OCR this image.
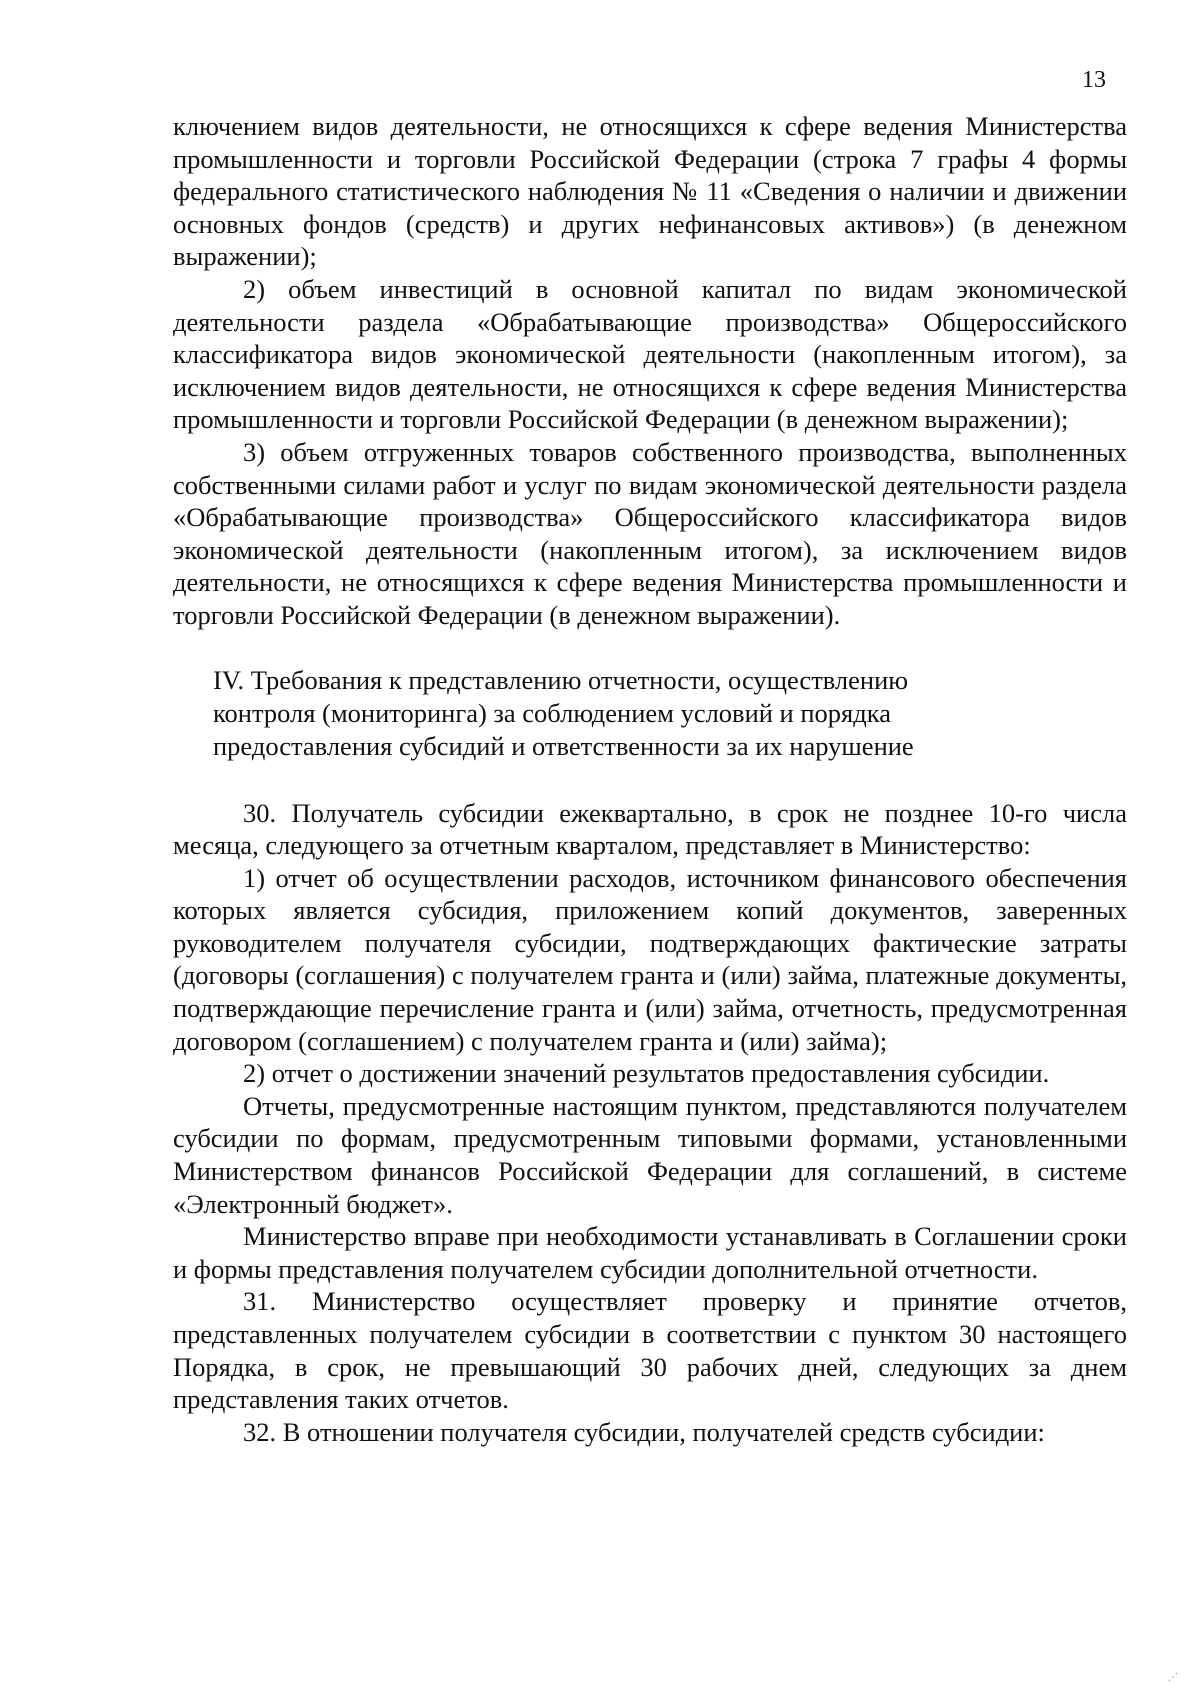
13

ключением видов деятельности, не относящихся к сфере ведения Министерства промышленности и торговли Российской Федерации (строка 7 графы 4 формы федерального статистического наблюдения № 11 «Сведения о наличии и движении основных фондов (средств) и других нефинансовых активов») (в денежном выражении);

2) объем инвестиций в основной капитал по видам экономической деятельности раздела «Обрабатывающие производства» Общероссийского классификатора видов экономической деятельности (накопленным итогом), за исключением видов деятельности, не относящихся к сфере ведения Министерства промышленности и торговли Российской Федерации (в денежном выражении);

3) объем отгруженных товаров собственного производства, выполненных собственными силами работ и услуг по видам экономической деятельности раздела «Обрабатывающие производства» Общероссийского классификатора видов экономической деятельности (накопленным итогом), за исключением видов деятельности, не относящихся к сфере ведения Министерства промышленности и торговли Российской Федерации (в денежном выражении).

IV. Требования к представлению отчетности, осуществлению
контроля (мониторинга) за соблюдением условий и порядка
предоставления субсидий и ответственности за их нарушение

30. Получатель субсидии ежеквартально, в срок не позднее 10-го числа месяца, следующего за отчетным кварталом, представляет в Министерство:

1) отчет об осуществлении расходов, источником финансового обеспечения которых является субсидия, приложением копий документов, заверенных руководителем получателя субсидии, подтверждающих фактические затраты (договоры (соглашения) с получателем гранта и (или) займа, платежные документы, подтверждающие перечисление гранта и (или) займа, отчетность, предусмотренная договором (соглашением) с получателем гранта и (или) займа);

2) отчет о достижении значений результатов предоставления субсидии.

Отчеты, предусмотренные настоящим пунктом, представляются получателем субсидии по формам, предусмотренным типовыми формами, установленными Министерством финансов Российской Федерации для соглашений, в системе «Электронный бюджет».

Министерство вправе при необходимости устанавливать в Соглашении сроки и формы представления получателем субсидии дополнительной отчетности.

31. Министерство осуществляет проверку и принятие отчетов, представленных получателем субсидии в соответствии с пунктом 30 настоящего Порядка, в срок, не превышающий 30 рабочих дней, следующих за днем представления таких отчетов.

32. В отношении получателя субсидии, получателей средств субсидии:

⋰
